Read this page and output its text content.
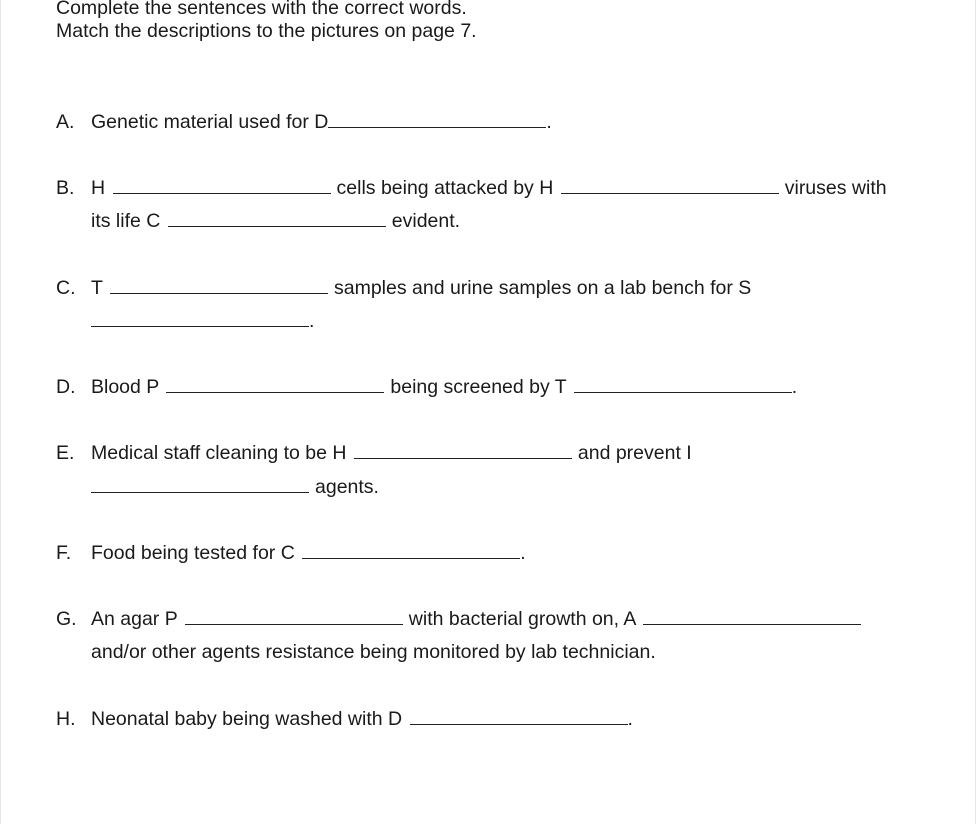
Complete the sentences with the correct words.
Match the descriptions to the pictures on page 7.
A. Genetic material used for D	.
B. H	cells being attacked by H	viruses with
its life C	evident.
C. T	samples and urine samples on a lab bench for S
.
D. Blood P	being screened by T	.
E. Medical staff cleaning to be H	and prevent I
agents.
F. Food being tested for C	.
G. An agar P	with bacterial growth on, A
and/or other agents resistance being monitored by lab technician.
H. Neonatal baby being washed with D	.
